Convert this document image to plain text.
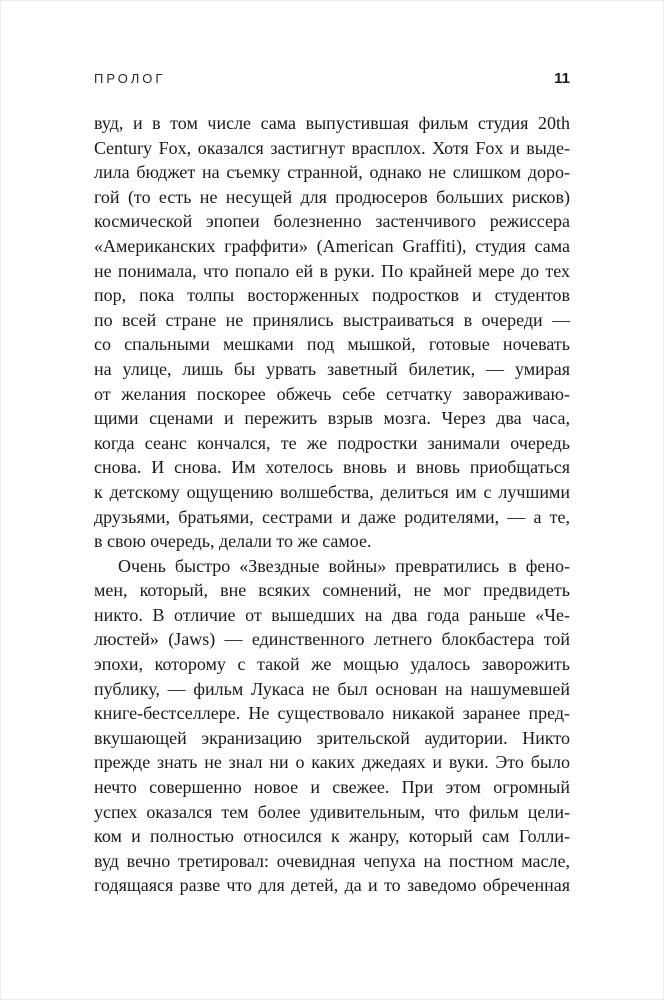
ПРОЛОГ	11
вуд, и в том числе сама выпустившая фильм студия 20th
Century Fox, оказался застигнут врасплох. Хотя Fox и выде-
лила бюджет на съемку странной, однако не слишком доро-
гой (то есть не несущей для продюсеров больших рисков)
космической эпопеи болезненно застенчивого режиссера
«Американских граффити» (American Graffiti), студия сама
не понимала, что попало ей в руки. По крайней мере до тех
пор, пока толпы восторженных подростков и студентов
по всей стране не принялись выстраиваться в очереди —
со спальными мешками под мышкой, готовые ночевать
на улице, лишь бы урвать заветный билетик, — умирая
от желания поскорее обжечь себе сетчатку завораживаю-
щими сценами и пережить взрыв мозга. Через два часа,
когда сеанс кончался, те же подростки занимали очередь
снова. И снова. Им хотелось вновь и вновь приобщаться
к детскому ощущению волшебства, делиться им с лучшими
друзьями, братьями, сестрами и даже родителями, — а те,
в свою очередь, делали то же самое.
Очень быстро «Звездные войны» превратились в фено-
мен, который, вне всяких сомнений, не мог предвидеть
никто. В отличие от вышедших на два года раньше «Че-
люстей» (Jaws) — единственного летнего блокбастера той
эпохи, которому с такой же мощью удалось заворожить
публику, — фильм Лукаса не был основан на нашумевшей
книге-бестселлере. Не существовало никакой заранее пред-
вкушающей экранизацию зрительской аудитории. Никто
прежде знать не знал ни о каких джедаях и вуки. Это было
нечто совершенно новое и свежее. При этом огромный
успех оказался тем более удивительным, что фильм цели-
ком и полностью относился к жанру, который сам Голли-
вуд вечно третировал: очевидная чепуха на постном масле,
годящаяся разве что для детей, да и то заведомо обреченная
